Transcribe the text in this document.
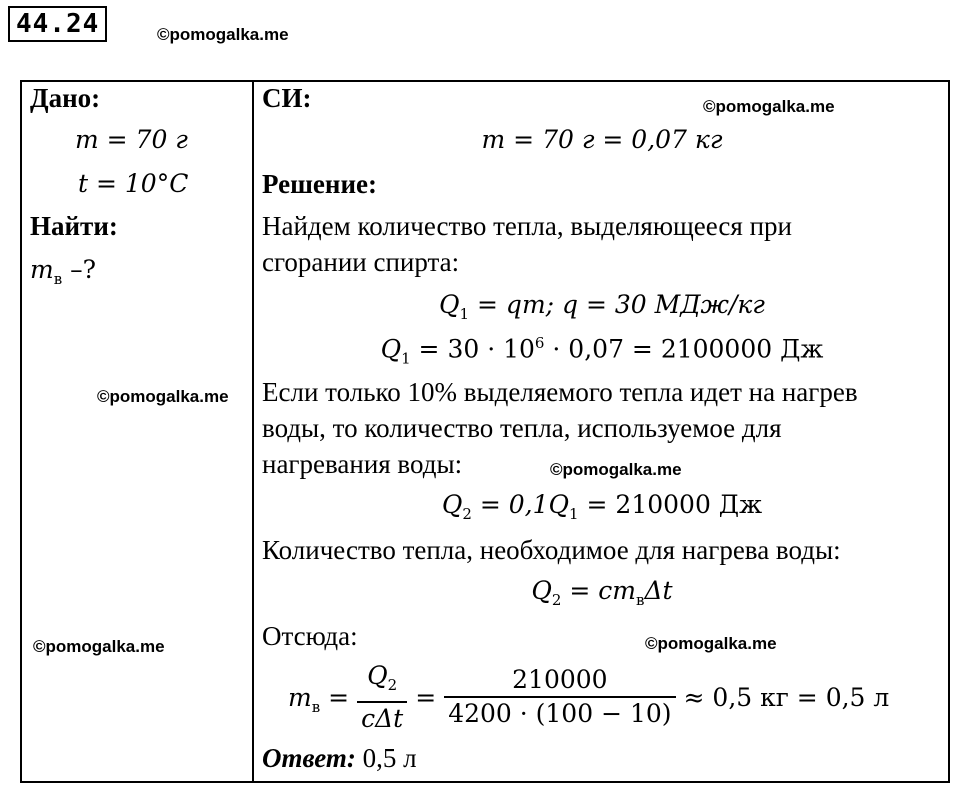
44.24	©pomogalka.me
©pomogalka.me
©pomogalka.me
©pomogalka.me
©pomogalka.me	©pomogalka.me
Дано:
m = 70 г
t = 10°С
Найти:
$m_в$ –?
СИ:
m = 70 г = 0,07 кг
Решение:
Найдем количество тепла, выделяющееся при
сгорании спирта:
$Q_1$ = qm; q = 30 МДж/кг
$Q_1 = 30 \cdot 10^6 \cdot 0,07 = 2100000$ Дж
Если только 10% выделяемого тепла идет на нагрев
воды, то количество тепла, используемое для
нагревания воды:
$Q_2 = 0,1Q_1 = 210000$ Дж
Количество тепла, необходимое для нагрева воды:
$Q_2 = cm_в\Delta t$
Отсюда:
$m_в = \frac{Q_2}{\text{cΔt}} = \frac{210000}{4200 \cdot (100 - 10)} \approx 0,5$ кг = 0,5 л
Ответ: 0,5 л
